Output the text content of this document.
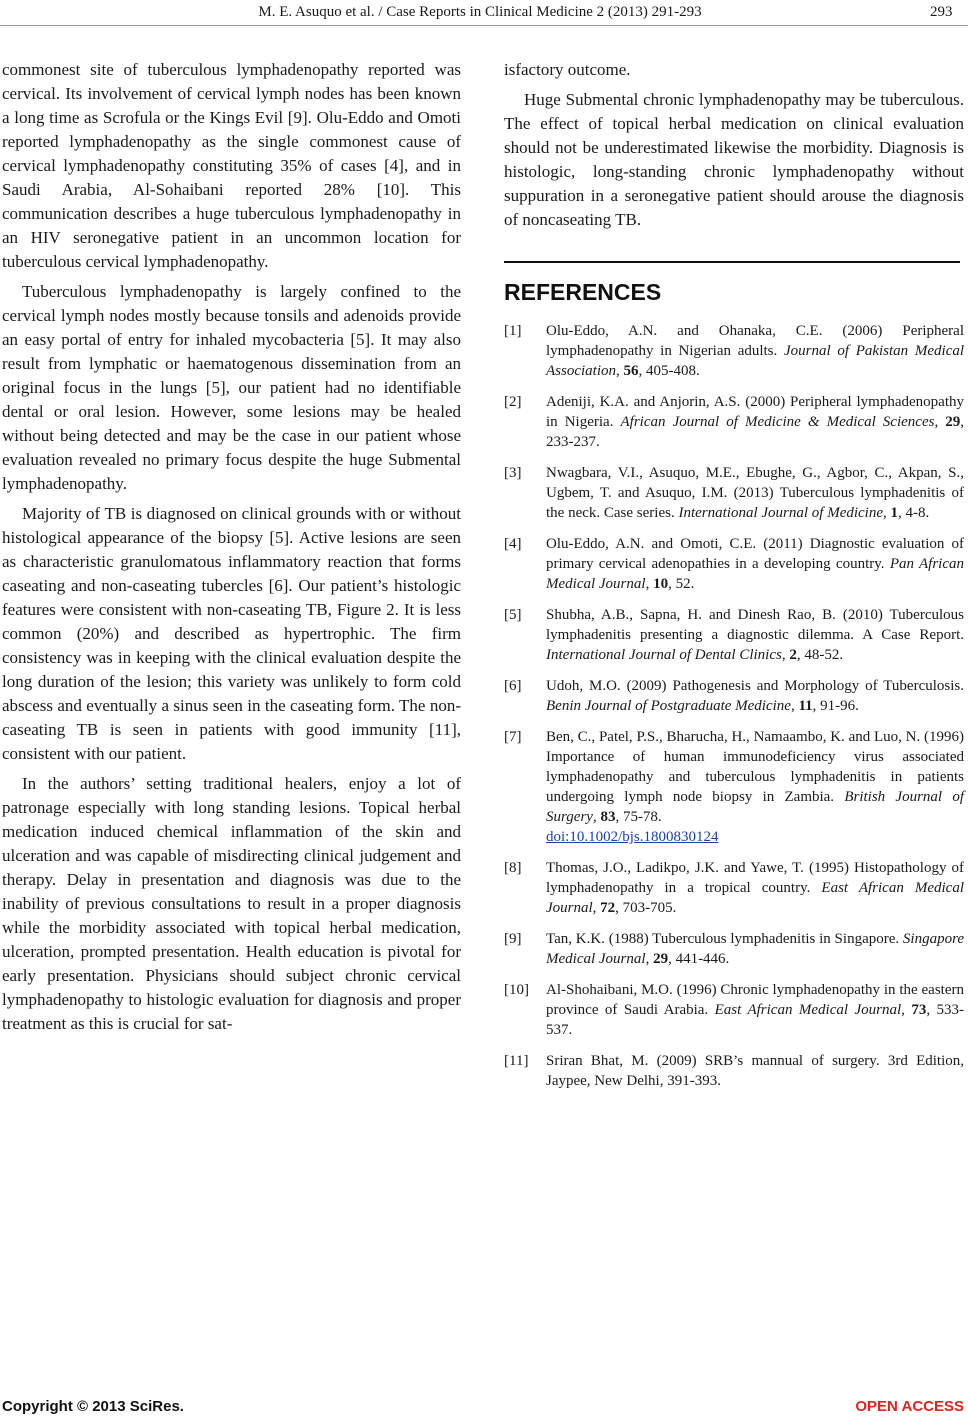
M. E. Asuquo et al. / Case Reports in Clinical Medicine 2 (2013) 291-293	293

commonest site of tuberculous lymphadenopathy reported was cervical. Its involvement of cervical lymph nodes has been known a long time as Scrofula or the Kings Evil [9]. Olu-Eddo and Omoti reported lymphadenopathy as the single commonest cause of cervical lymphadenopathy constituting 35% of cases [4], and in Saudi Arabia, Al-Sohaibani reported 28% [10]. This communication describes a huge tuberculous lymphadenopathy in an HIV seronegative patient in an uncommon location for tuberculous cervical lymphadenopathy.

Tuberculous lymphadenopathy is largely confined to the cervical lymph nodes mostly because tonsils and adenoids provide an easy portal of entry for inhaled mycobacteria [5]. It may also result from lymphatic or haematogenous dissemination from an original focus in the lungs [5], our patient had no identifiable dental or oral lesion. However, some lesions may be healed without being detected and may be the case in our patient whose evaluation revealed no primary focus despite the huge Submental lymphadenopathy.

Majority of TB is diagnosed on clinical grounds with or without histological appearance of the biopsy [5]. Active lesions are seen as characteristic granulomatous inflammatory reaction that forms caseating and non-caseating tubercles [6]. Our patient’s histologic features were consistent with non-caseating TB, Figure 2. It is less common (20%) and described as hypertrophic. The firm consistency was in keeping with the clinical evaluation despite the long duration of the lesion; this variety was unlikely to form cold abscess and eventually a sinus seen in the caseating form. The non-caseating TB is seen in patients with good immunity [11], consistent with our patient.

In the authors’ setting traditional healers, enjoy a lot of patronage especially with long standing lesions. Topical herbal medication induced chemical inflammation of the skin and ulceration and was capable of misdirecting clinical judgement and therapy. Delay in presentation and diagnosis was due to the inability of previous consultations to result in a proper diagnosis while the morbidity associated with topical herbal medication, ulceration, prompted presentation. Health education is pivotal for early presentation. Physicians should subject chronic cervical lymphadenopathy to histologic evaluation for diagnosis and proper treatment as this is crucial for sat-

isfactory outcome.

Huge Submental chronic lymphadenopathy may be tuberculous. The effect of topical herbal medication on clinical evaluation should not be underestimated likewise the morbidity. Diagnosis is histologic, long-standing chronic lymphadenopathy without suppuration in a seronegative patient should arouse the diagnosis of noncaseating TB.

REFERENCES
[1]	Olu-Eddo, A.N. and Ohanaka, C.E. (2006) Peripheral lymphadenopathy in Nigerian adults. Journal of Pakistan Medical Association, 56, 405-408.
[2]	Adeniji, K.A. and Anjorin, A.S. (2000) Peripheral lymphadenopathy in Nigeria. African Journal of Medicine & Medical Sciences, 29, 233-237.
[3]	Nwagbara, V.I., Asuquo, M.E., Ebughe, G., Agbor, C., Akpan, S., Ugbem, T. and Asuquo, I.M. (2013) Tuberculous lymphadenitis of the neck. Case series. International Journal of Medicine, 1, 4-8.
[4]	Olu-Eddo, A.N. and Omoti, C.E. (2011) Diagnostic evaluation of primary cervical adenopathies in a developing country. Pan African Medical Journal, 10, 52.
[5]	Shubha, A.B., Sapna, H. and Dinesh Rao, B. (2010) Tuberculous lymphadenitis presenting a diagnostic dilemma. A Case Report. International Journal of Dental Clinics, 2, 48-52.
[6]	Udoh, M.O. (2009) Pathogenesis and Morphology of Tuberculosis. Benin Journal of Postgraduate Medicine, 11, 91-96.
[7]	Ben, C., Patel, P.S., Bharucha, H., Namaambo, K. and Luo, N. (1996) Importance of human immunodeficiency virus associated lymphadenopathy and tuberculous lymphadenitis in patients undergoing lymph node biopsy in Zambia. British Journal of Surgery, 83, 75-78.
doi:10.1002/bjs.1800830124
[8]	Thomas, J.O., Ladikpo, J.K. and Yawe, T. (1995) Histopathology of lymphadenopathy in a tropical country. East African Medical Journal, 72, 703-705.
[9]	Tan, K.K. (1988) Tuberculous lymphadenitis in Singapore. Singapore Medical Journal, 29, 441-446.
[10]	Al-Shohaibani, M.O. (1996) Chronic lymphadenopathy in the eastern province of Saudi Arabia. East African Medical Journal, 73, 533-537.
[11]	Sriran Bhat, M. (2009) SRB’s mannual of surgery. 3rd Edition, Jaypee, New Delhi, 391-393.
Copyright © 2013 SciRes.	OPEN ACCESS
